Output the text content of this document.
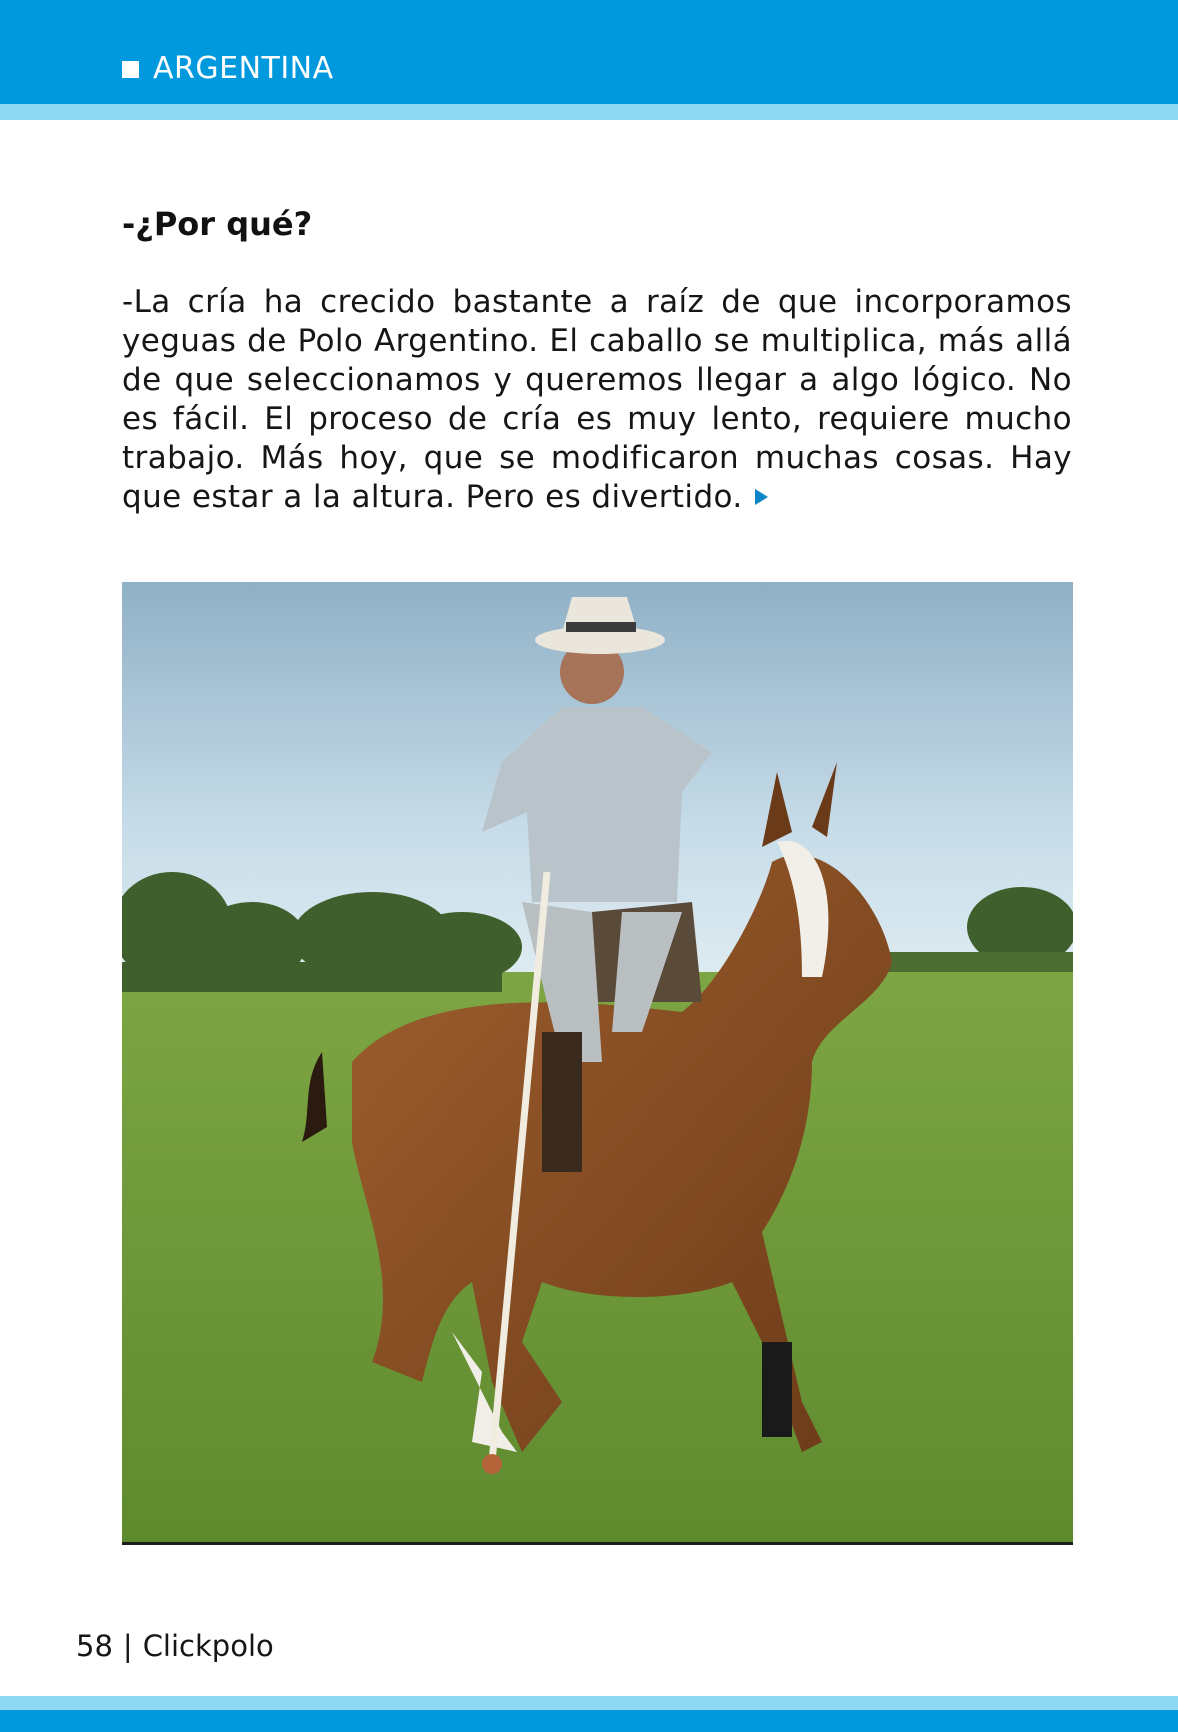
ARGENTINA
-¿Por qué?

-La cría ha crecido bastante a raíz de que incorporamos yeguas de Polo Argentino. El caballo se multiplica, más allá de que seleccionamos y queremos llegar a algo lógico. No es fácil. El proceso de cría es muy lento, requiere mucho trabajo. Más hoy, que se modificaron muchas cosas. Hay que estar a la altura. Pero es divertido.

58 | Clickpolo
